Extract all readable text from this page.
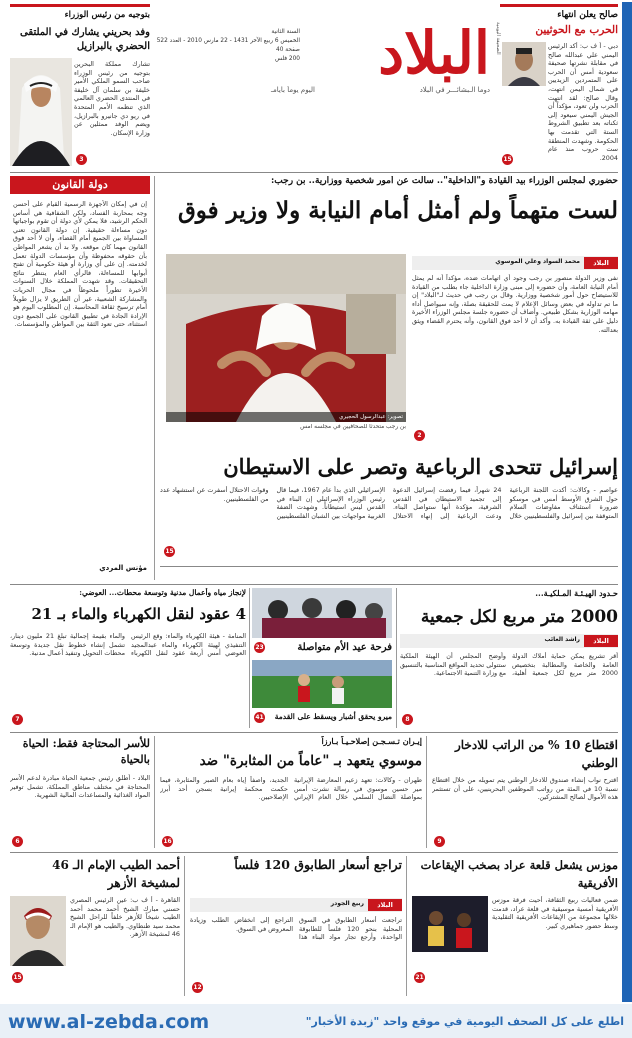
البلاد
السنة الثانية
الخميس 6 ربيع الآخر 1431 - 22 مارس 2010 - العدد 522
صفحة 40
200 فلس
دوما الـبشائـــر في البلاد
اليوم يوماً بأيامـ
الصحيفة اليومية
صالح يعلن انتهاء
الحرب مع الحوثيين
دبي - أ ف ب: أكد الرئيس اليمني علي عبدالله صالح في مقابلة نشرتها صحيفة سعودية أمس أن الحرب على المتمردين الزيديين في شمال اليمن انتهت، وقال صالح: لقد انتهت الحرب ولن تعود، مؤكداً أن الجيش اليمني سيعود إلى ثكناته بعد تطبيق الشروط الستة التي تقدمت بها الحكومة. وشهدت المنطقة ست حروب منذ عام 2004.
15
بتوجيه من رئيس الوزراء
وفد بحريني يشارك في الملتقى الحضري بالبرازيل
تشارك مملكة البحرين بتوجيه من رئيس الوزراء صاحب السمو الملكي الأمير خليفة بن سلمان آل خليفة في المنتدى الحضري العالمي الذي تنظمه الأمم المتحدة في ريو دي جانيرو بالبرازيل، ويضم الوفد ممثلين عن وزارة الإسكان.
3
دولة القانون
إن في إمكان الأجهزة الرسمية القيام على أحسن وجه بمحاربة الفساد، ولكن الشفافية هي أساس الحكم الرشيد، فلا يمكن لأي دولة أن تقوم بواجباتها دون مساءلة حقيقية. إن دولة القانون تعني المساواة بين الجميع أمام القضاء، وأن لا أحد فوق القانون مهما كان موقعه. ولا بد أن يشعر المواطن بأن حقوقه محفوظة وأن مؤسسات الدولة تعمل لخدمته. إن على أي وزارة أو هيئة حكومية أن تفتح أبوابها للمساءلة، فالرأي العام ينتظر نتائج التحقيقات. وقد شهدت المملكة خلال السنوات الأخيرة تطوراً ملحوظاً في مجال الحريات والمشاركة الشعبية، غير أن الطريق لا يزال طويلاً أمام ترسيخ ثقافة المحاسبة. إن المطلوب اليوم هو الإرادة الجادة في تطبيق القانون على الجميع دون استثناء، حتى تعود الثقة بين المواطن والمؤسسات.
مؤنس المردي
حضوري لمجلس الوزراء بيد القيادة و"الداخلية".. سألت عن أمور شخصية ووزارية.. بن رجب:
لست متهماً ولم أمثل أمام النيابة ولا وزير فوق
تصوير: عبدالرسول الحجيري
بن رجب متحدثاً للصحافيين في مجلسه أمس
البلاد
محمد السواد وعلي الموسوي
نفى وزير الدولة منصور بن رجب وجود أي اتهامات ضده، مؤكداً أنه لم يمثل أمام النيابة العامة، وأن حضوره إلى مبنى وزارة الداخلية جاء بطلب من القيادة للاستيضاح حول أمور شخصية ووزارية. وقال بن رجب في حديث لـ"البلاد" إن ما تم تداوله في بعض وسائل الإعلام لا يمت للحقيقة بصلة، وإنه سيواصل أداء مهامه الوزارية بشكل طبيعي. وأضاف أن حضوره جلسة مجلس الوزراء الأخيرة دليل على ثقة القيادة به. وأكد أن لا أحد فوق القانون، وأنه يحترم القضاء ويثق بعدالته.
2
إسرائيل تتحدى الرباعية وتصر على الاستيطان
عواصم - وكالات: أكدت اللجنة الرباعية حول الشرق الأوسط أمس في موسكو ضرورة استئناف مفاوضات السلام المتوقفة بين إسرائيل والفلسطينيين خلال 24 شهراً، فيما رفضت إسرائيل الدعوة إلى تجميد الاستيطان في القدس الشرقية، مؤكدة أنها ستواصل البناء. ودعت الرباعية إلى إنهاء الاحتلال الإسرائيلي الذي بدأ عام 1967، فيما قال رئيس الوزراء الإسرائيلي إن البناء في القدس ليس استيطاناً. وشهدت الضفة الغربية مواجهات بين الشبان الفلسطينيين وقوات الاحتلال أسفرت عن استشهاد عدد من الفلسطينيين.
15
لإنجاز مياه وأعمال مدنية وتوسعة محطات... العوضي:
4 عقود لنقل الكهرباء والماء بـ 21
المنامة - هيئة الكهرباء والماء: وقع الرئيس التنفيذي لهيئة الكهرباء والماء عبدالمجيد العوضي أمس أربعة عقود لنقل الكهرباء والماء بقيمة إجمالية تبلغ 21 مليون دينار، تشمل إنشاء خطوط نقل جديدة وتوسعة محطات التحويل وتنفيذ أعمال مدنية.
7
فرحة عيد الأم متواصلة
23
ميرو يحقق أشبار ويسقط على القدمة
41
حـدود الهيـئـة المـلكيـة...
2000 متر مربع لكل جمعية
البلاد
راشد الغائب
أقر تشريع يمكن حماية أملاك الدولة العامة والخاصة والمطالبة بتخصيص 2000 متر مربع لكل جمعية أهلية، وأوضح المجلس أن الهيئة الملكية ستتولى تحديد المواقع المناسبة بالتنسيق مع وزارة التنمية الاجتماعية.
8
للأسر المحتاجة فقط: الحياة بالحياة
البلاد - أطلق رئيس جمعية الحياة مبادرة لدعم الأسر المحتاجة في مختلف مناطق المملكة، تشمل توفير المواد الغذائية والمساعدات المالية الشهرية.
6
إيـران تـسـجـن إصلاحـيـاً بـارزاً
موسوي يتعهد بـ "عاماً من المثابرة" ضد
طهران - وكالات: تعهد زعيم المعارضة الإيرانية مير حسين موسوي في رسالة نشرت أمس بمواصلة النضال السلمي خلال العام الإيراني الجديد، واصفاً إياه بعام الصبر والمثابرة، فيما حكمت محكمة إيرانية بسجن أحد أبرز الإصلاحيين.
16
اقتطاع 10 % من الراتب للادخار الوطني
اقترح نواب إنشاء صندوق للادخار الوطني يتم تمويله من خلال اقتطاع نسبة 10 في المئة من رواتب الموظفين البحرينيين، على أن تستثمر هذه الأموال لصالح المشتركين.
9
أحمد الطيب الإمام الـ 46 لمشيخة الأزهر
القاهرة - أ ف ب: عين الرئيس المصري حسني مبارك الشيخ أحمد محمد أحمد الطيب شيخاً للأزهر خلفاً للراحل الشيخ محمد سيد طنطاوي. والطيب هو الإمام الـ 46 لمشيخة الأزهر.
15
تراجع أسعار الطابوق 120 فلساً
البلاد
ربيع الجودر
تراجعت أسعار الطابوق في السوق المحلية بنحو 120 فلساً للطابوقة الواحدة، وأرجع تجار مواد البناء هذا التراجع إلى انخفاض الطلب وزيادة المعروض في السوق.
12
موزس يشعل قلعة عراد بصخب الإيقاعات الأفريقية
ضمن فعاليات ربيع الثقافة، أحيت فرقة موزس الأفريقية أمسية موسيقية في قلعة عراد، قدمت خلالها مجموعة من الإيقاعات الأفريقية التقليدية وسط حضور جماهيري كبير.
21
www.al-zebda.com	اطلع على كل الصحف اليومية في موقع واحد "زبدة الأخبار"
